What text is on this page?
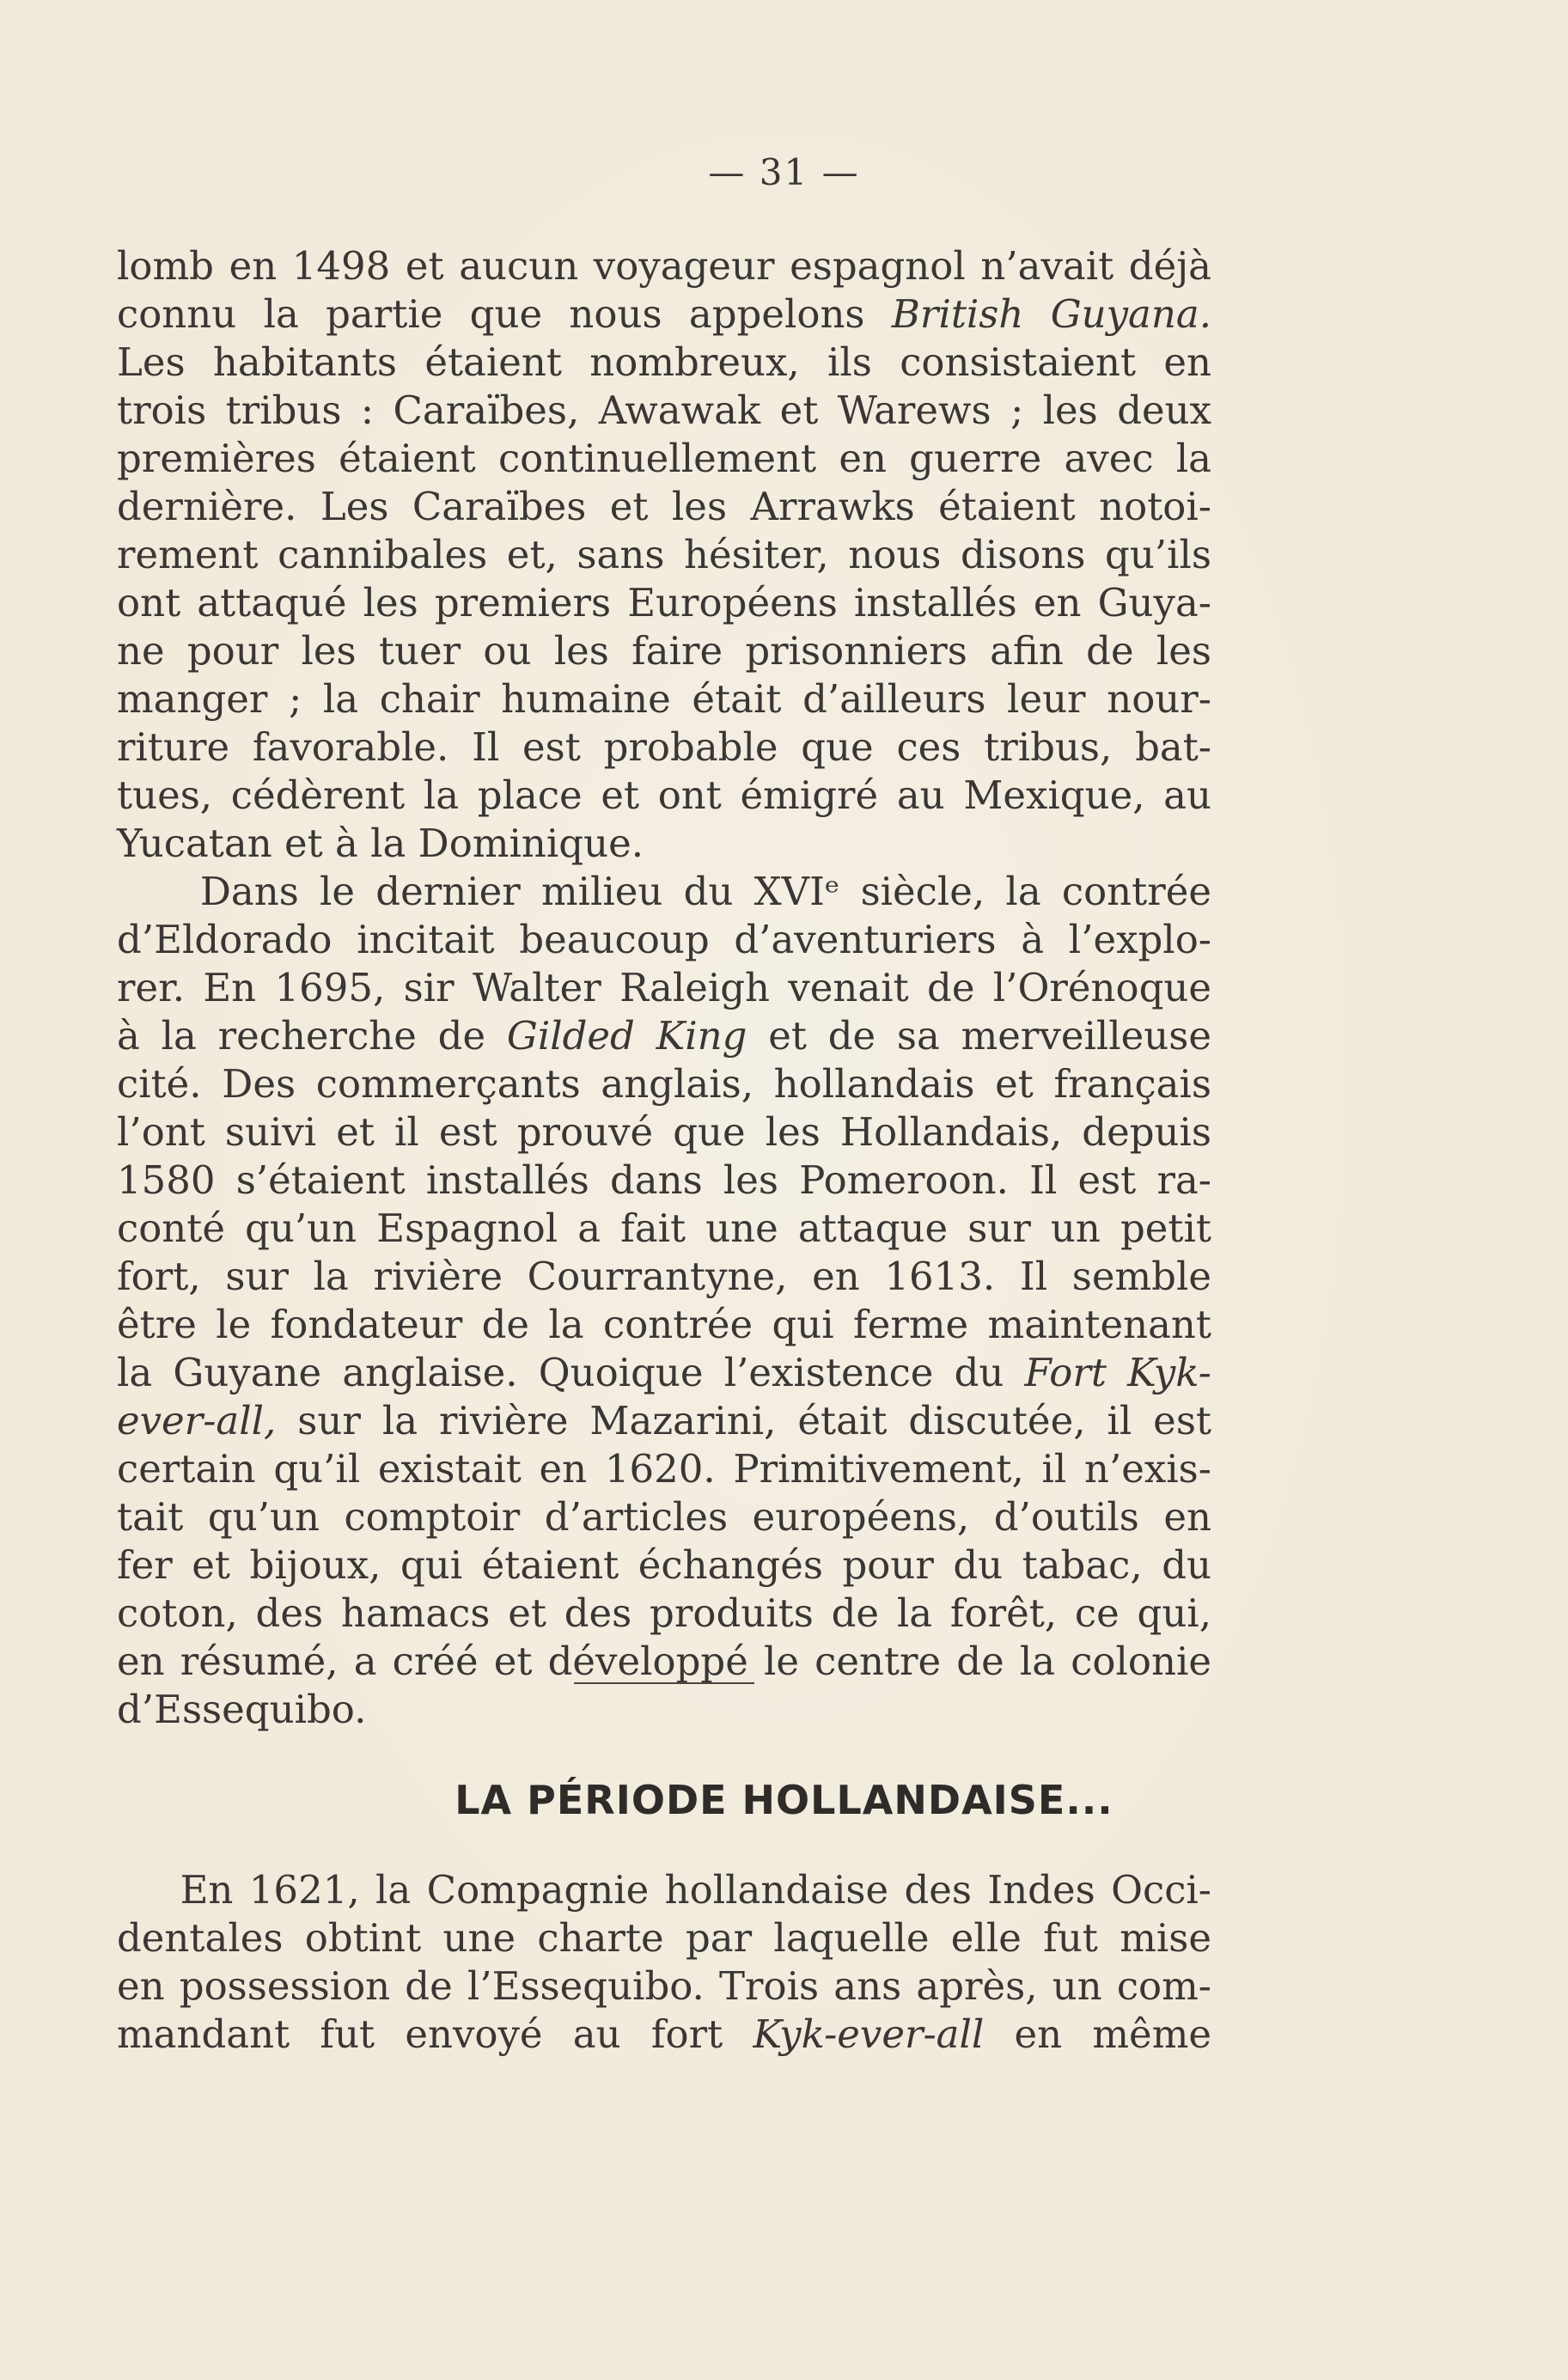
— 31 —
lomb en 1498 et aucun voyageur espagnol n’avait déjà
connu la partie que nous appelons British Guyana.
Les habitants étaient nombreux, ils consistaient en
trois tribus : Caraïbes, Awawak et Warews ; les deux
premières étaient continuellement en guerre avec la
dernière. Les Caraïbes et les Arrawks étaient notoi-
rement cannibales et, sans hésiter, nous disons qu’ils
ont attaqué les premiers Européens installés en Guya-
ne pour les tuer ou les faire prisonniers afin de les
manger ; la chair humaine était d’ailleurs leur nour-
riture favorable. Il est probable que ces tribus, bat-
tues, cédèrent la place et ont émigré au Mexique, au
Yucatan et à la Dominique.
Dans le dernier milieu du XVIᵉ siècle, la contrée
d’Eldorado incitait beaucoup d’aventuriers à l’explo-
rer. En 1695, sir Walter Raleigh venait de l’Orénoque
à la recherche de Gilded King et de sa merveilleuse
cité. Des commerçants anglais, hollandais et français
l’ont suivi et il est prouvé que les Hollandais, depuis
1580 s’étaient installés dans les Pomeroon. Il est ra-
conté qu’un Espagnol a fait une attaque sur un petit
fort, sur la rivière Courrantyne, en 1613. Il semble
être le fondateur de la contrée qui ferme maintenant
la Guyane anglaise. Quoique l’existence du Fort Kyk-
ever-all, sur la rivière Mazarini, était discutée, il est
certain qu’il existait en 1620. Primitivement, il n’exis-
tait qu’un comptoir d’articles européens, d’outils en
fer et bijoux, qui étaient échangés pour du tabac, du
coton, des hamacs et des produits de la forêt, ce qui,
en résumé, a créé et développé le centre de la colonie
d’Essequibo.
LA PÉRIODE HOLLANDAISE...
En 1621, la Compagnie hollandaise des Indes Occi-
dentales obtint une charte par laquelle elle fut mise
en possession de l’Essequibo. Trois ans après, un com-
mandant fut envoyé au fort Kyk-ever-all en même
